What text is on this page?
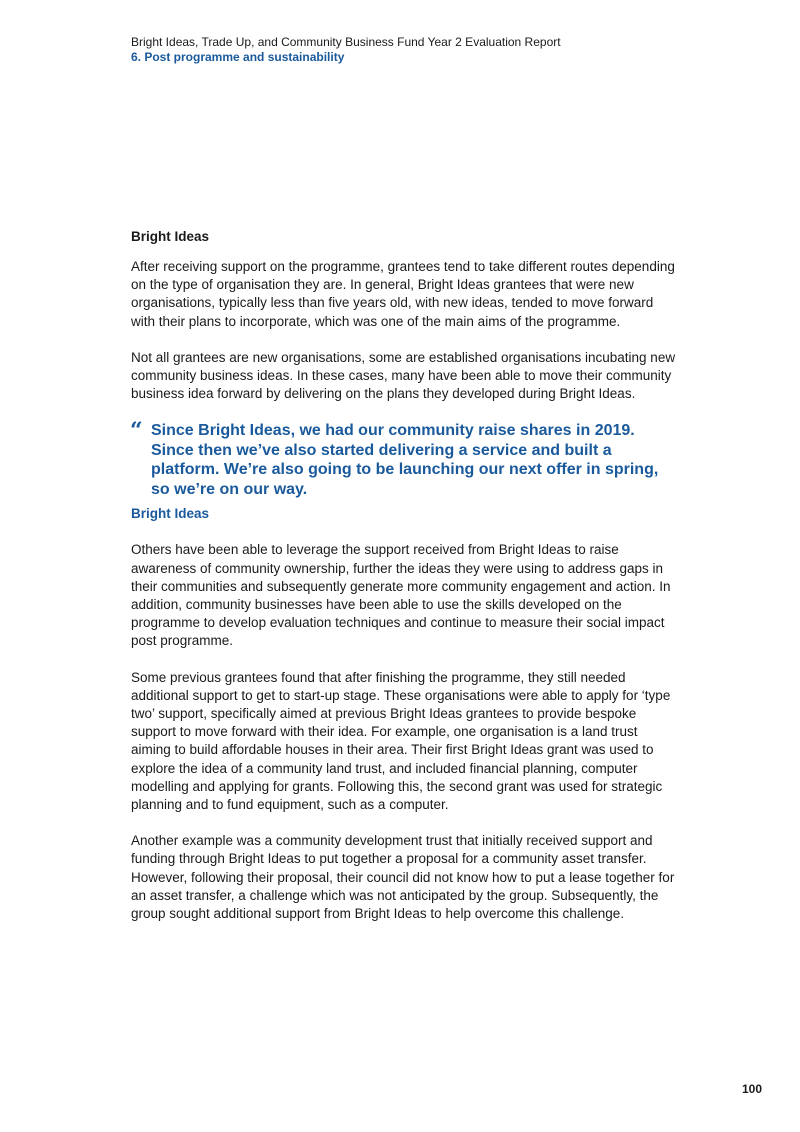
Bright Ideas, Trade Up, and Community Business Fund Year 2 Evaluation Report
6. Post programme and sustainability
Bright Ideas

After receiving support on the programme, grantees tend to take different routes depending on the type of organisation they are. In general, Bright Ideas grantees that were new organisations, typically less than five years old, with new ideas, tended to move forward with their plans to incorporate, which was one of the main aims of the programme.

Not all grantees are new organisations, some are established organisations incubating new community business ideas. In these cases, many have been able to move their community business idea forward by delivering on the plans they developed during Bright Ideas.

“ Since Bright Ideas, we had our community raise shares in 2019. Since then we’ve also started delivering a service and built a platform. We’re also going to be launching our next offer in spring, so we’re on our way.
Bright Ideas

Others have been able to leverage the support received from Bright Ideas to raise awareness of community ownership, further the ideas they were using to address gaps in their communities and subsequently generate more community engagement and action. In addition, community businesses have been able to use the skills developed on the programme to develop evaluation techniques and continue to measure their social impact post programme.

Some previous grantees found that after finishing the programme, they still needed additional support to get to start-up stage. These organisations were able to apply for ‘type two’ support, specifically aimed at previous Bright Ideas grantees to provide bespoke support to move forward with their idea. For example, one organisation is a land trust aiming to build affordable houses in their area. Their first Bright Ideas grant was used to explore the idea of a community land trust, and included financial planning, computer modelling and applying for grants. Following this, the second grant was used for strategic planning and to fund equipment, such as a computer.

Another example was a community development trust that initially received support and funding through Bright Ideas to put together a proposal for a community asset transfer. However, following their proposal, their council did not know how to put a lease together for an asset transfer, a challenge which was not anticipated by the group. Subsequently, the group sought additional support from Bright Ideas to help overcome this challenge.

100
